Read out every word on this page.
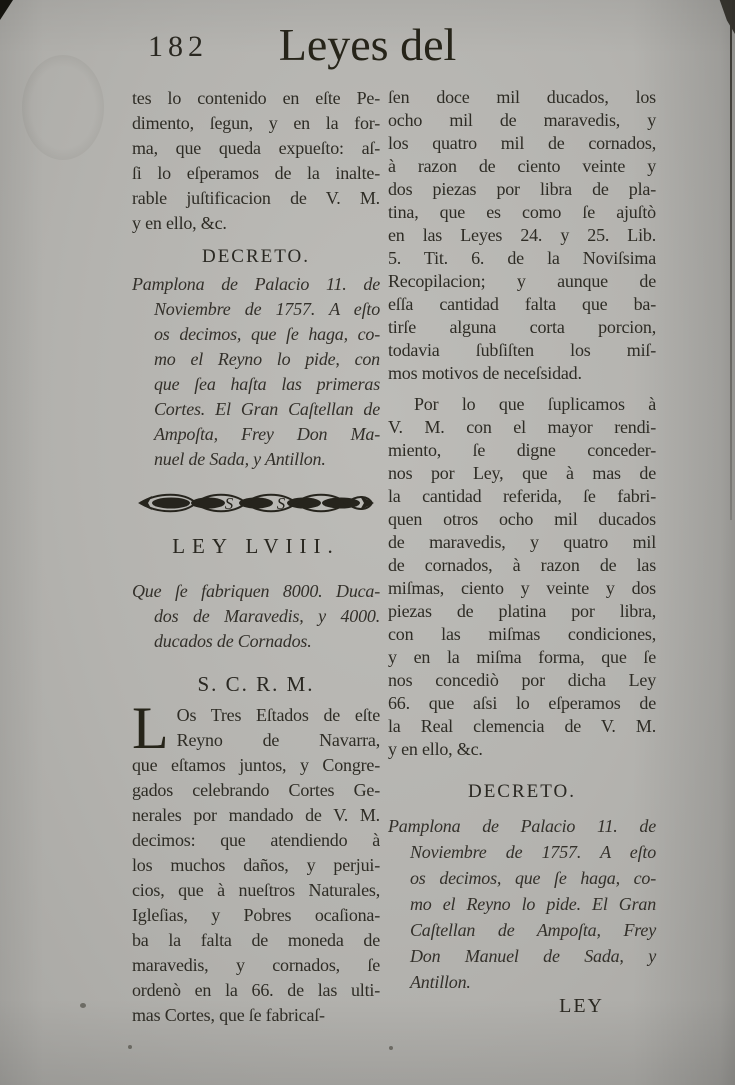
182	Leyes del
tes lo contenido en eſte Pe-
dimento, ſegun, y en la for-
ma, que queda expueſto: aſ-
ſi lo eſperamos de la inalte-
rable juſtificacion de V. M.
y en ello, &c.
DECRETO.
Pamplona de Palacio 11. de
Noviembre de 1757. A eſto
os decimos, que ſe haga, co-
mo el Reyno lo pide, con
que ſea haſta las primeras
Cortes. El Gran Caſtellan de
Ampoſta, Frey Don Ma-
nuel de Sada, y Antillon.
S	S
LEY LVIII.
Que ſe fabriquen 8000. Duca-
dos de Maravedis, y 4000.
ducados de Cornados.
S. C. R. M.
L Os Tres Eſtados de eſte
Reyno de Navarra,
que eſtamos juntos, y Congre-
gados celebrando Cortes Ge-
nerales por mandado de V. M.
decimos: que atendiendo à
los muchos daños, y perjui-
cios, que à nueſtros Naturales,
Igleſias, y Pobres ocaſiona-
ba la falta de moneda de
maravedis, y cornados, ſe
ordenò en la 66. de las ulti-
mas Cortes, que ſe fabricaſ-
ſen doce mil ducados, los
ocho mil de maravedis, y
los quatro mil de cornados,
à razon de ciento veinte y
dos piezas por libra de pla-
tina, que es como ſe ajuſtò
en las Leyes 24. y 25. Lib.
5. Tit. 6. de la Noviſsima
Recopilacion; y aunque de
eſſa cantidad falta que ba-
tirſe alguna corta porcion,
todavia ſubſiſten los miſ-
mos motivos de neceſsidad.
Por lo que ſuplicamos à
V. M. con el mayor rendi-
miento, ſe digne conceder-
nos por Ley, que à mas de
la cantidad referida, ſe fabri-
quen otros ocho mil ducados
de maravedis, y quatro mil
de cornados, à razon de las
miſmas, ciento y veinte y dos
piezas de platina por libra,
con las miſmas condiciones,
y en la miſma forma, que ſe
nos concediò por dicha Ley
66. que aſsi lo eſperamos de
la Real clemencia de V. M.
y en ello, &c.
DECRETO.
Pamplona de Palacio 11. de
Noviembre de 1757. A eſto
os decimos, que ſe haga, co-
mo el Reyno lo pide. El Gran
Caſtellan de Ampoſta, Frey
Don Manuel de Sada, y
Antillon.
LEY
